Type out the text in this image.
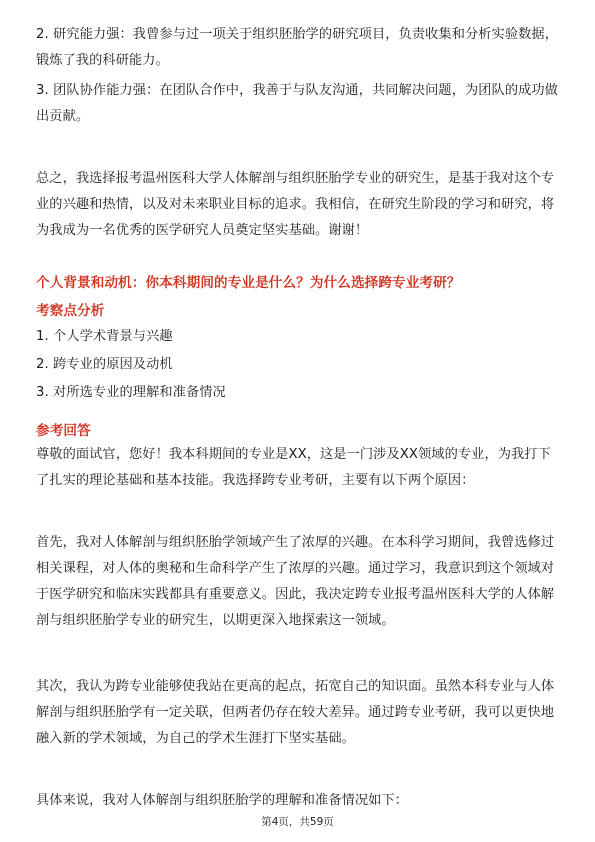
2. 研究能力强：我曾参与过一项关于组织胚胎学的研究项目，负责收集和分析实验数据，锻炼了我的科研能力。

3. 团队协作能力强：在团队合作中，我善于与队友沟通，共同解决问题，为团队的成功做出贡献。

总之，我选择报考温州医科大学人体解剖与组织胚胎学专业的研究生，是基于我对这个专业的兴趣和热情，以及对未来职业目标的追求。我相信，在研究生阶段的学习和研究，将为我成为一名优秀的医学研究人员奠定坚实基础。谢谢！

个人背景和动机：你本科期间的专业是什么？为什么选择跨专业考研？

考察点分析

1. 个人学术背景与兴趣

2. 跨专业的原因及动机

3. 对所选专业的理解和准备情况

参考回答

尊敬的面试官，您好！我本科期间的专业是XX，这是一门涉及XX领域的专业，为我打下了扎实的理论基础和基本技能。我选择跨专业考研，主要有以下两个原因：

首先，我对人体解剖与组织胚胎学领域产生了浓厚的兴趣。在本科学习期间，我曾选修过相关课程，对人体的奥秘和生命科学产生了浓厚的兴趣。通过学习，我意识到这个领域对于医学研究和临床实践都具有重要意义。因此，我决定跨专业报考温州医科大学的人体解剖与组织胚胎学专业的研究生，以期更深入地探索这一领域。

其次，我认为跨专业能够使我站在更高的起点，拓宽自己的知识面。虽然本科专业与人体解剖与组织胚胎学有一定关联，但两者仍存在较大差异。通过跨专业考研，我可以更快地融入新的学术领域，为自己的学术生涯打下坚实基础。

具体来说，我对人体解剖与组织胚胎学的理解和准备情况如下：

第4页，共59页
